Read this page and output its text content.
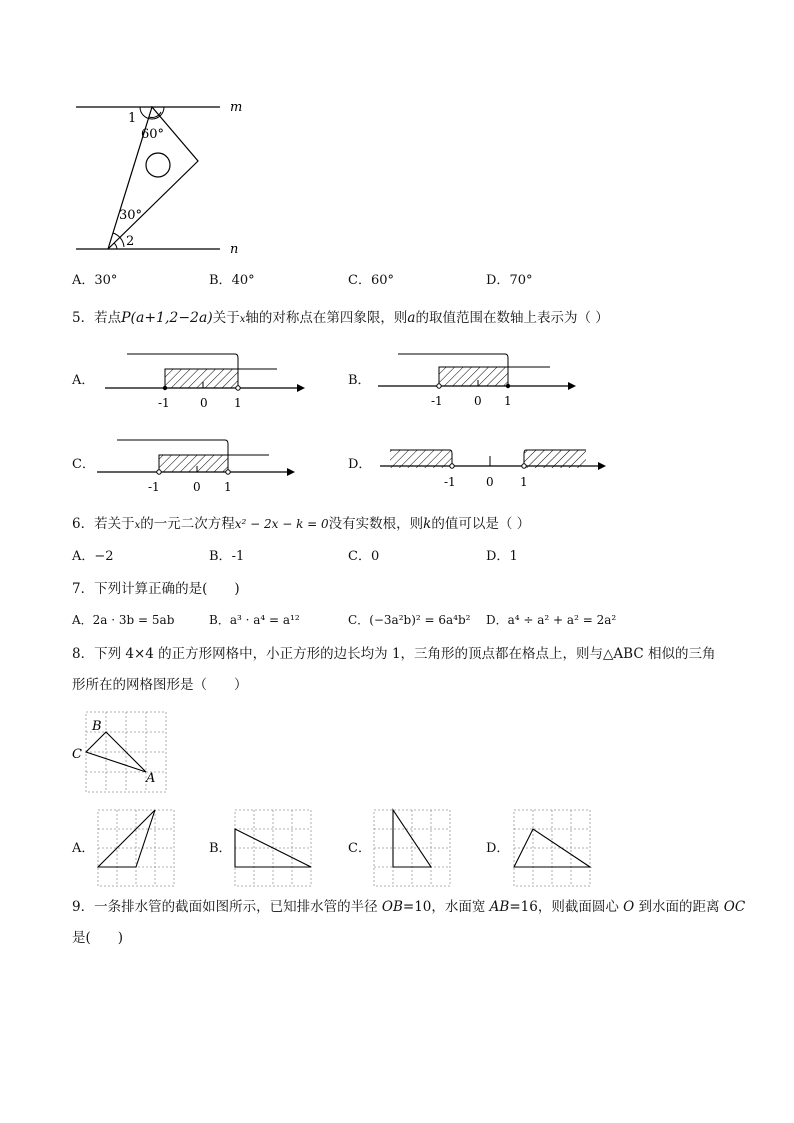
m
n
1
60°
30°
2
A．30°	B．40°	C．60°	D．70°
5．若点P(a+1,2−2a)关于x轴的对称点在第四象限，则a的取值范围在数轴上表示为（ ）
A．
-1	0 1
B．
-1	0 1
C．
-1	0 1
D．
-1	0 1
6．若关于x的一元二次方程x² − 2x − k = 0没有实数根，则k的值可以是（ ）
A．−2	B．-1	C．0	D．1
7．下列计算正确的是(　　)
A．2a · 3b = 5ab	B．a³ · a⁴ = a¹²	C．(−3a²b)² = 6a⁴b² D．a⁴ ÷ a² + a² = 2a²
8．下列 4×4 的正方形网格中，小正方形的边长均为 1，三角形的顶点都在格点上，则与△ABC 相似的三角
形所在的网格图形是（　　）
B
C
A
A．	B．	C．	D．
9．一条排水管的截面如图所示，已知排水管的半径 OB=10，水面宽 AB=16，则截面圆心 O 到水面的距离 OC
是(　　)
